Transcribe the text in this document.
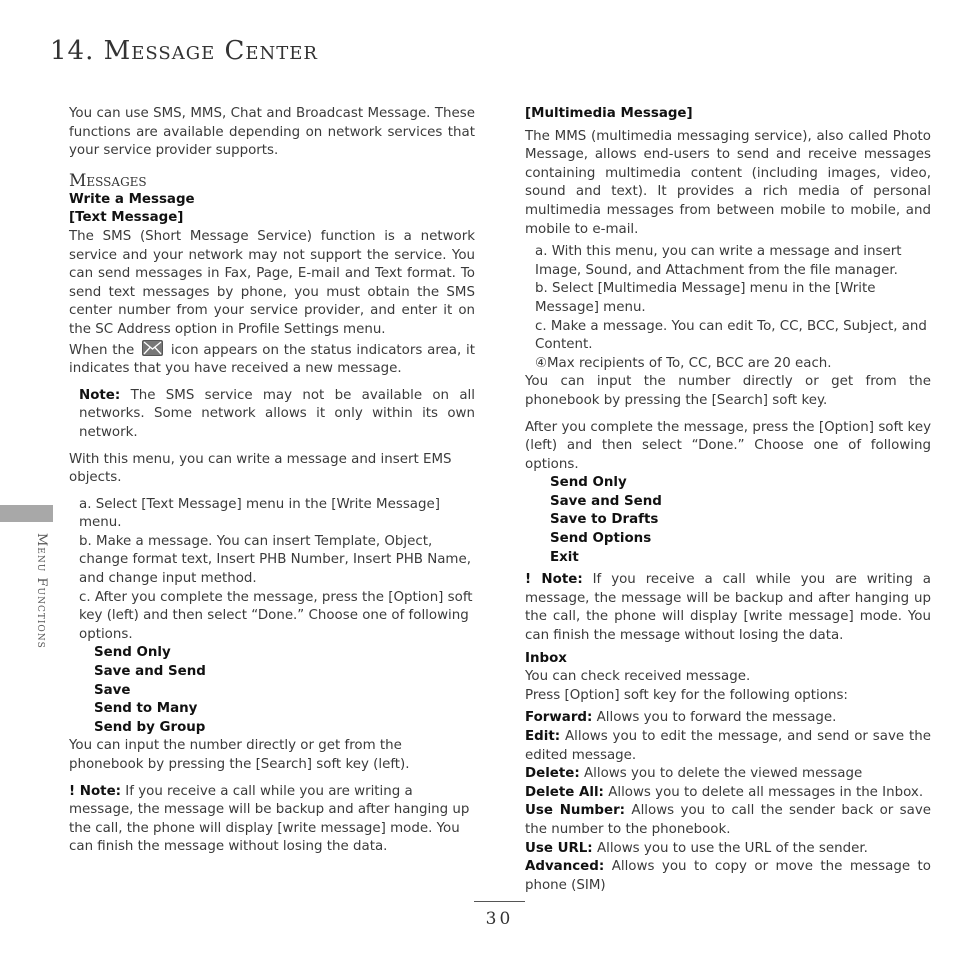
14. Message Center
Menu Functions

You can use SMS, MMS, Chat and Broadcast Message. These functions are available depending on network services that your service provider supports.

Messages
Write a Message
[Text Message]

The SMS (Short Message Service) function is a network service and your network may not support the service. You can send messages in Fax, Page, E-mail and Text format. To send text messages by phone, you must obtain the SMS center number from your service provider, and enter it on the SC Address option in Profile Settings menu.

When the	icon appears on the status indicators area, it indicates that you have received a new message.

Note: The SMS service may not be available on all networks. Some network allows it only within its own network.

With this menu, you can write a message and insert EMS objects.

a. Select [Text Message] menu in the [Write Message] menu.

b. Make a message. You can insert Template, Object, change format text, Insert PHB Number, Insert PHB Name, and change input method.

c. After you complete the message, press the [Option] soft key (left) and then select “Done.” Choose one of following options.

Send Only
Save and Send
Save
Send to Many
Send by Group

You can input the number directly or get from the phonebook by pressing the [Search] soft key (left).

! Note: If you receive a call while you are writing a message, the message will be backup and after hanging up the call, the phone will display [write message] mode. You can finish the message without losing the data.

[Multimedia Message]

The MMS (multimedia messaging service), also called Photo Message, allows end-users to send and receive messages containing multimedia content (including images, video, sound and text). It provides a rich media of personal multimedia messages from between mobile to mobile, and mobile to e-mail.

a. With this menu, you can write a message and insert Image, Sound, and Attachment from the file manager.

b. Select [Multimedia Message] menu in the [Write Message] menu.

c. Make a message. You can edit To, CC, BCC, Subject, and Content.

④Max recipients of To, CC, BCC are 20 each.

You can input the number directly or get from the phonebook by pressing the [Search] soft key.

After you complete the message, press the [Option] soft key (left) and then select “Done.” Choose one of following options.

Send Only
Save and Send
Save to Drafts
Send Options
Exit

! Note: If you receive a call while you are writing a message, the message will be backup and after hanging up the call, the phone will display [write message] mode. You can finish the message without losing the data.

Inbox

You can check received message.

Press [Option] soft key for the following options:

Forward: Allows you to forward the message.

Edit: Allows you to edit the message, and send or save the edited message.

Delete: Allows you to delete the viewed message

Delete All: Allows you to delete all messages in the Inbox.

Use Number: Allows you to call the sender back or save the number to the phonebook.

Use URL: Allows you to use the URL of the sender.

Advanced: Allows you to copy or move the message to phone (SIM)

30
